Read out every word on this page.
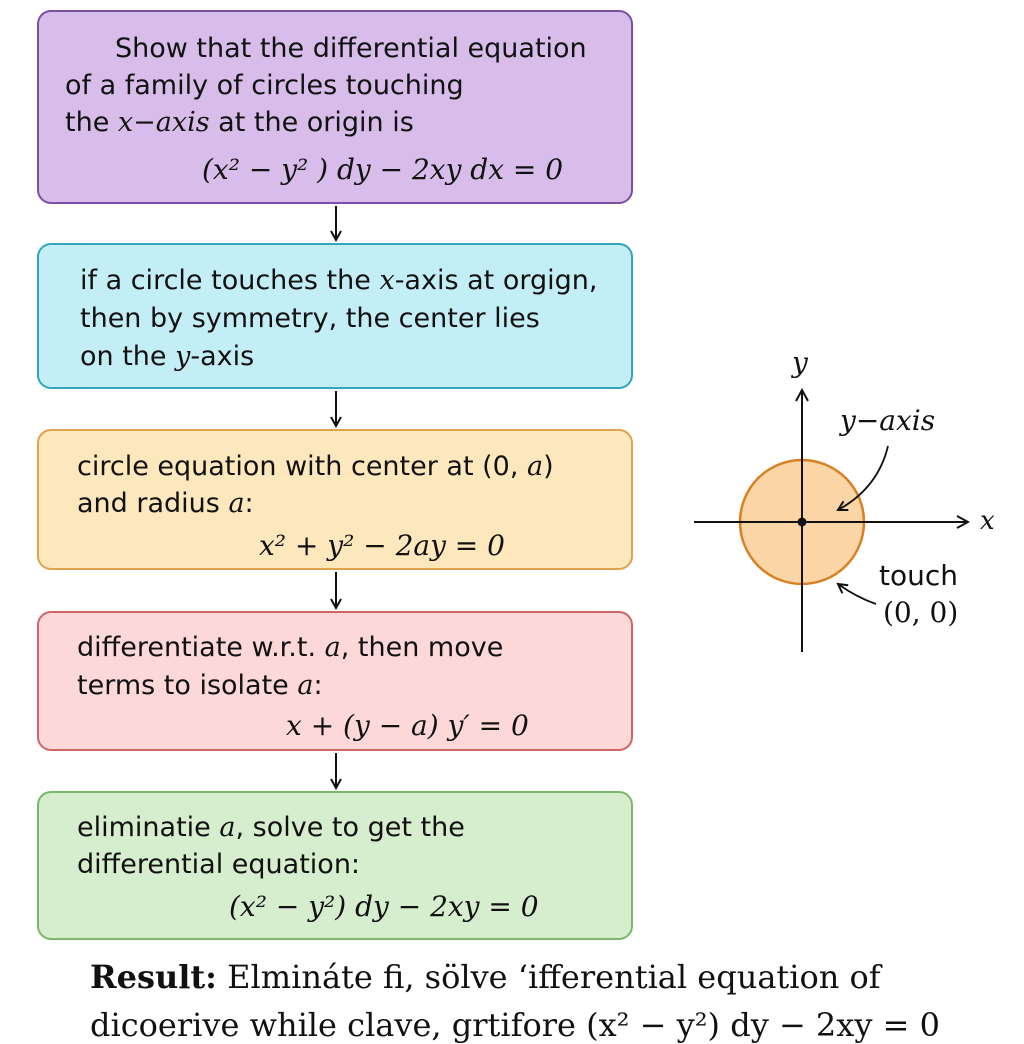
Show that the differential equation
of a family of circles touching
the x−axis at the origin is
(x² − y² ) dy − 2xy dx = 0
if a circle touches the x-axis at orgign,
then by symmetry, the center lies
on the y-axis
circle equation with center at (0, a)
and radius a:
x² + y² − 2ay = 0
differentiate w.r.t. a, then move
terms to isolate a:
x + (y − a) y′ = 0
eliminatie a, solve to get the
differential equation:
(x² − y²) dy − 2xy = 0
y
x
y−axis
touch
(0, 0)
Result: Elmináte fi, sölve ‘ifferential equation of
dicoerive while clave, grtifore (x² − y²) dy − 2xy = 0
